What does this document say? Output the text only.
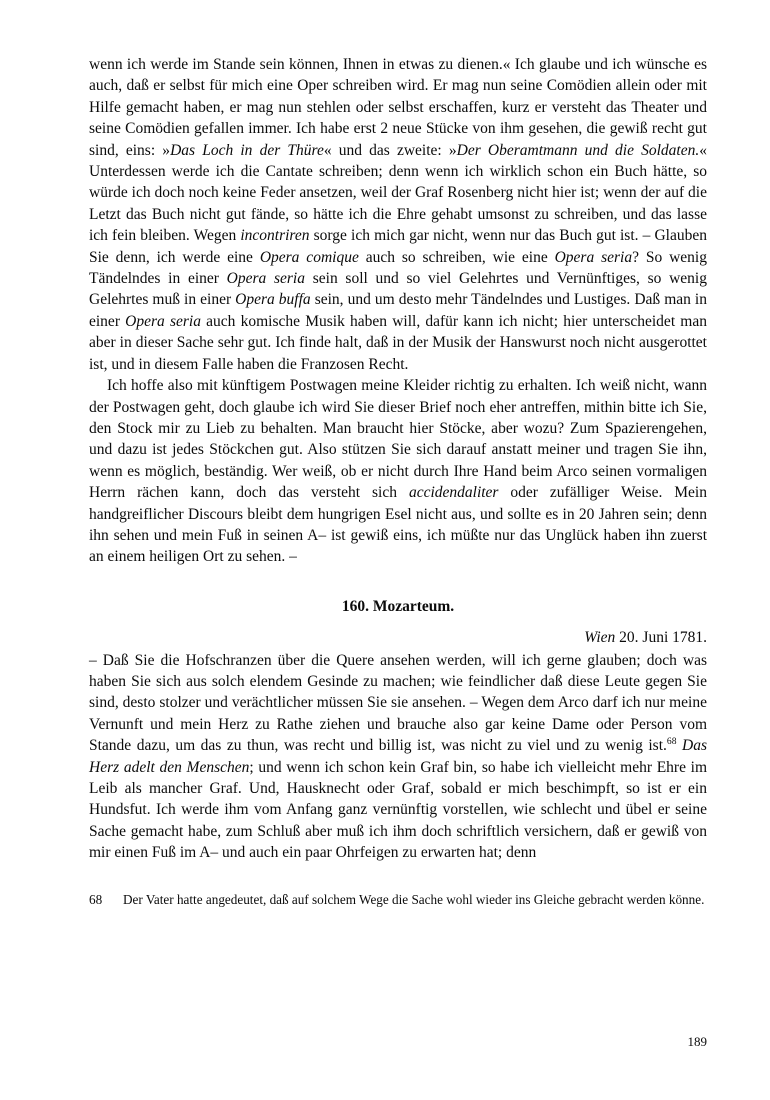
wenn ich werde im Stande sein können, Ihnen in etwas zu dienen.« Ich glaube und ich wünsche es auch, daß er selbst für mich eine Oper schreiben wird. Er mag nun seine Comödien allein oder mit Hilfe gemacht haben, er mag nun stehlen oder selbst erschaffen, kurz er versteht das Theater und seine Comödien gefallen immer. Ich habe erst 2 neue Stücke von ihm gesehen, die gewiß recht gut sind, eins: »Das Loch in der Thüre« und das zweite: »Der Oberamtmann und die Soldaten.« Unterdessen werde ich die Cantate schreiben; denn wenn ich wirklich schon ein Buch hätte, so würde ich doch noch keine Feder ansetzen, weil der Graf Rosenberg nicht hier ist; wenn der auf die Letzt das Buch nicht gut fände, so hätte ich die Ehre gehabt umsonst zu schreiben, und das lasse ich fein bleiben. Wegen incontriren sorge ich mich gar nicht, wenn nur das Buch gut ist. – Glauben Sie denn, ich werde eine Opera comique auch so schreiben, wie eine Opera seria? So wenig Tändelndes in einer Opera seria sein soll und so viel Gelehrtes und Vernünftiges, so wenig Gelehrtes muß in einer Opera buffa sein, und um desto mehr Tändelndes und Lustiges. Daß man in einer Opera seria auch komische Musik haben will, dafür kann ich nicht; hier unterscheidet man aber in dieser Sache sehr gut. Ich finde halt, daß in der Musik der Hanswurst noch nicht ausgerottet ist, und in diesem Falle haben die Franzosen Recht.

Ich hoffe also mit künftigem Postwagen meine Kleider richtig zu erhalten. Ich weiß nicht, wann der Postwagen geht, doch glaube ich wird Sie dieser Brief noch eher antreffen, mithin bitte ich Sie, den Stock mir zu Lieb zu behalten. Man braucht hier Stöcke, aber wozu? Zum Spazierengehen, und dazu ist jedes Stöckchen gut. Also stützen Sie sich darauf anstatt meiner und tragen Sie ihn, wenn es möglich, beständig. Wer weiß, ob er nicht durch Ihre Hand beim Arco seinen vormaligen Herrn rächen kann, doch das versteht sich accidendaliter oder zufälliger Weise. Mein handgreiflicher Discours bleibt dem hungrigen Esel nicht aus, und sollte es in 20 Jahren sein; denn ihn sehen und mein Fuß in seinen A– ist gewiß eins, ich müßte nur das Unglück haben ihn zuerst an einem heiligen Ort zu sehen. –

160. Mozarteum.

Wien 20. Juni 1781.

– Daß Sie die Hofschranzen über die Quere ansehen werden, will ich gerne glauben; doch was haben Sie sich aus solch elendem Gesinde zu machen; wie feindlicher daß diese Leute gegen Sie sind, desto stolzer und verächtlicher müssen Sie sie ansehen. – Wegen dem Arco darf ich nur meine Vernunft und mein Herz zu Rathe ziehen und brauche also gar keine Dame oder Person vom Stande dazu, um das zu thun, was recht und billig ist, was nicht zu viel und zu wenig ist.$^{68}$ Das Herz adelt den Menschen; und wenn ich schon kein Graf bin, so habe ich vielleicht mehr Ehre im Leib als mancher Graf. Und, Hausknecht oder Graf, sobald er mich beschimpft, so ist er ein Hundsfut. Ich werde ihm vom Anfang ganz vernünftig vorstellen, wie schlecht und übel er seine Sache gemacht habe, zum Schluß aber muß ich ihm doch schriftlich versichern, daß er gewiß von mir einen Fuß im A– und auch ein paar Ohrfeigen zu erwarten hat; denn

68	Der Vater hatte angedeutet, daß auf solchem Wege die Sache wohl wieder ins Gleiche gebracht werden könne.
189
